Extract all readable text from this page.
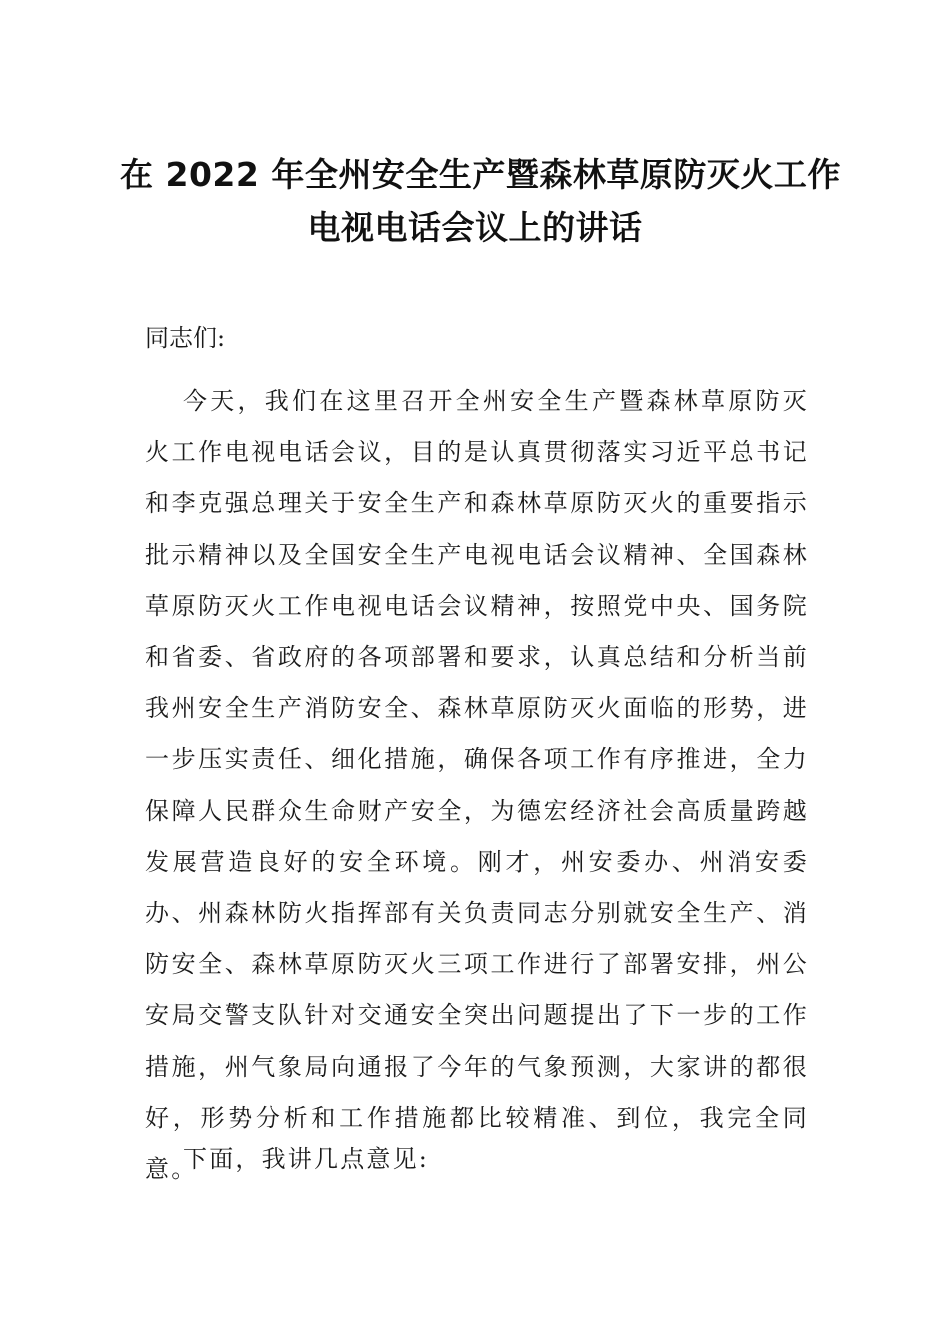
在 2022 年全州安全生产暨森林草原防灭火工作
电视电话会议上的讲话
同志们:

今天，我们在这里召开全州安全生产暨森林草原防灭火工作电视电话会议，目的是认真贯彻落实习近平总书记和李克强总理关于安全生产和森林草原防灭火的重要指示批示精神以及全国安全生产电视电话会议精神、全国森林草原防灭火工作电视电话会议精神，按照党中央、国务院和省委、省政府的各项部署和要求，认真总结和分析当前我州安全生产消防安全、森林草原防灭火面临的形势，进一步压实责任、细化措施，确保各项工作有序推进，全力保障人民群众生命财产安全，为德宏经济社会高质量跨越发展营造良好的安全环境。刚才，州安委办、州消安委办、州森林防火指挥部有关负责同志分别就安全生产、消防安全、森林草原防灭火三项工作进行了部署安排，州公安局交警支队针对交通安全突出问题提出了下一步的工作措施，州气象局向通报了今年的气象预测，大家讲的都很好，形势分析和工作措施都比较精准、到位，我完全同意。

下面，我讲几点意见:
